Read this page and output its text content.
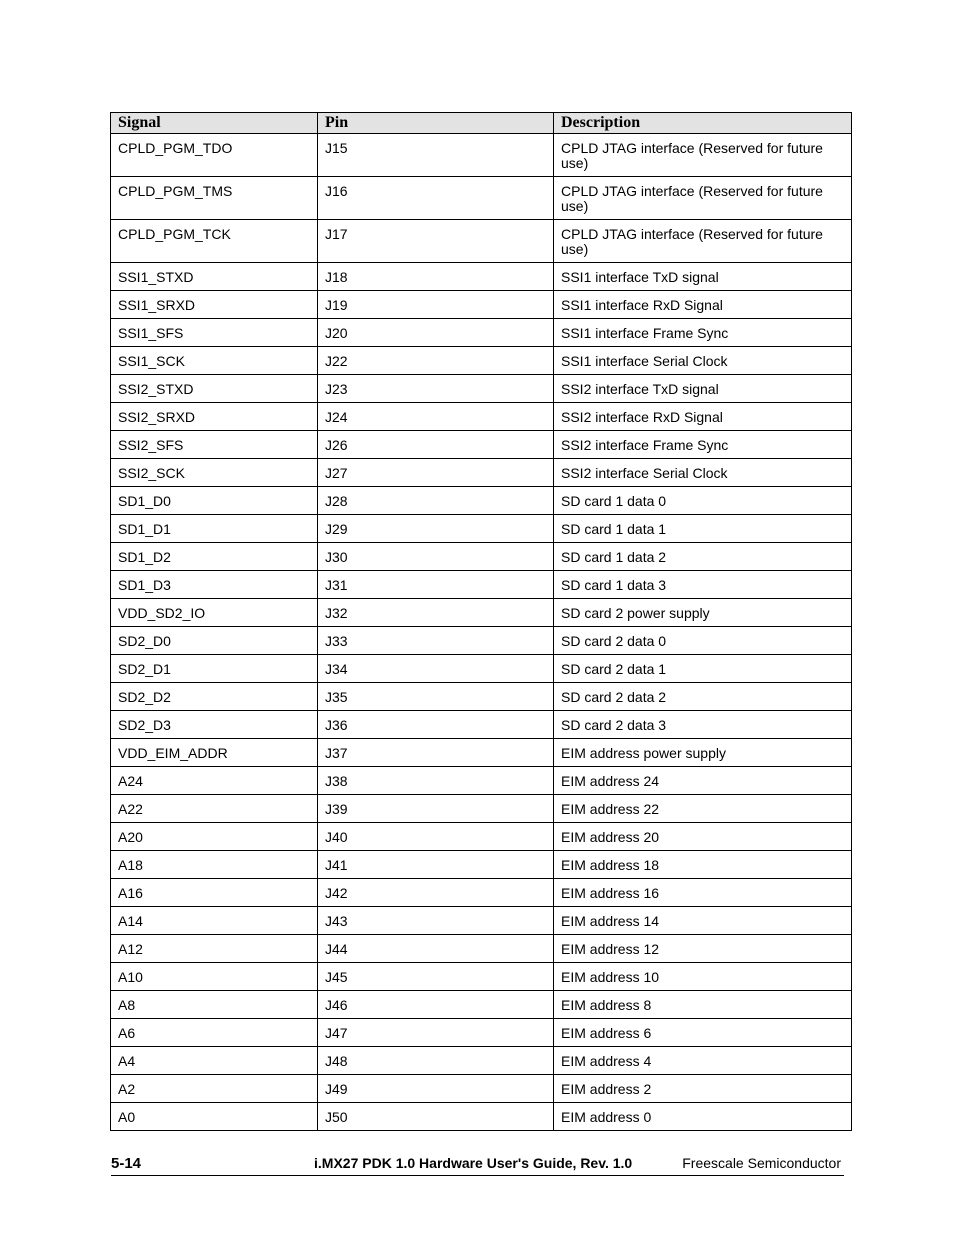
Signal	Pin	Description
CPLD_PGM_TDO	J15	CPLD JTAG interface (Reserved for future use)
CPLD_PGM_TMS	J16	CPLD JTAG interface (Reserved for future use)
CPLD_PGM_TCK	J17	CPLD JTAG interface (Reserved for future use)
SSI1_STXD	J18	SSI1 interface TxD signal
SSI1_SRXD	J19	SSI1 interface RxD Signal
SSI1_SFS	J20	SSI1 interface Frame Sync
SSI1_SCK	J22	SSI1 interface Serial Clock
SSI2_STXD	J23	SSI2 interface TxD signal
SSI2_SRXD	J24	SSI2 interface RxD Signal
SSI2_SFS	J26	SSI2 interface Frame Sync
SSI2_SCK	J27	SSI2 interface Serial Clock
SD1_D0	J28	SD card 1 data 0
SD1_D1	J29	SD card 1 data 1
SD1_D2	J30	SD card 1 data 2
SD1_D3	J31	SD card 1 data 3
VDD_SD2_IO	J32	SD card 2 power supply
SD2_D0	J33	SD card 2 data 0
SD2_D1	J34	SD card 2 data 1
SD2_D2	J35	SD card 2 data 2
SD2_D3	J36	SD card 2 data 3
VDD_EIM_ADDR	J37	EIM address power supply
A24	J38	EIM address 24
A22	J39	EIM address 22
A20	J40	EIM address 20
A18	J41	EIM address 18
A16	J42	EIM address 16
A14	J43	EIM address 14
A12	J44	EIM address 12
A10	J45	EIM address 10
A8	J46	EIM address 8
A6	J47	EIM address 6
A4	J48	EIM address 4
A2	J49	EIM address 2
A0	J50	EIM address 0
5-14	i.MX27 PDK 1.0 Hardware User's Guide, Rev. 1.0	Freescale Semiconductor
